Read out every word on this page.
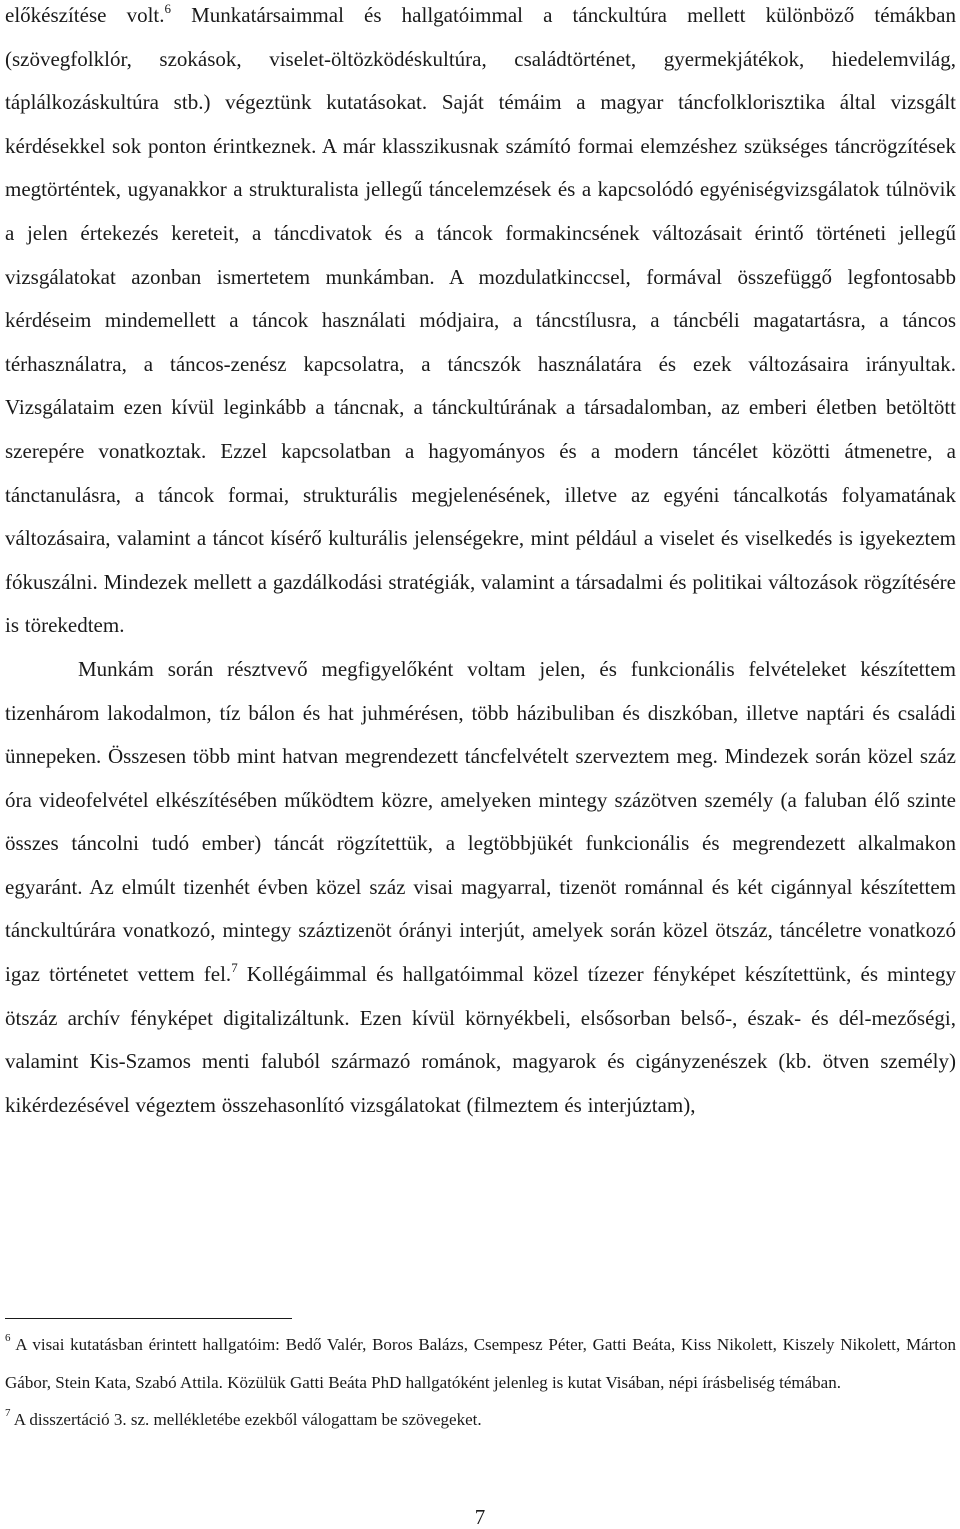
előkészítése volt.$^6$ Munkatársaimmal és hallgatóimmal a tánckultúra mellett különböző témákban (szövegfolklór, szokások, viselet-öltözködéskultúra, családtörténet, gyermekjátékok, hiedelemvilág, táplálkozáskultúra stb.) végeztünk kutatásokat. Saját témáim a magyar táncfolklorisztika által vizsgált kérdésekkel sok ponton érintkeznek. A már klasszikusnak számító formai elemzéshez szükséges táncrögzítések megtörténtek, ugyanakkor a strukturalista jellegű táncelemzések és a kapcsolódó egyéniségvizsgálatok túlnövik a jelen értekezés kereteit, a táncdivatok és a táncok formakincsének változásait érintő történeti jellegű vizsgálatokat azonban ismertetem munkámban. A mozdulatkinccsel, formával összefüggő legfontosabb kérdéseim mindemellett a táncok használati módjaira, a táncstílusra, a táncbéli magatartásra, a táncos térhasználatra, a táncos-zenész kapcsolatra, a táncszók használatára és ezek változásaira irányultak. Vizsgálataim ezen kívül leginkább a táncnak, a tánckultúrának a társadalomban, az emberi életben betöltött szerepére vonatkoztak. Ezzel kapcsolatban a hagyományos és a modern táncélet közötti átmenetre, a tánctanulásra, a táncok formai, strukturális megjelenésének, illetve az egyéni táncalkotás folyamatának változásaira, valamint a táncot kísérő kulturális jelenségekre, mint például a viselet és viselkedés is igyekeztem fókuszálni. Mindezek mellett a gazdálkodási stratégiák, valamint a társadalmi és politikai változások rögzítésére is törekedtem.

Munkám során résztvevő megfigyelőként voltam jelen, és funkcionális felvételeket készítettem tizenhárom lakodalmon, tíz bálon és hat juhmérésen, több házibuliban és diszkóban, illetve naptári és családi ünnepeken. Összesen több mint hatvan megrendezett táncfelvételt szerveztem meg. Mindezek során közel száz óra videofelvétel elkészítésében működtem közre, amelyeken mintegy százötven személy (a faluban élő szinte összes táncolni tudó ember) táncát rögzítettük, a legtöbbjükét funkcionális és megrendezett alkalmakon egyaránt. Az elmúlt tizenhét évben közel száz visai magyarral, tizenöt románnal és két cigánnyal készítettem tánckultúrára vonatkozó, mintegy száztizenöt órányi interjút, amelyek során közel ötszáz, táncéletre vonatkozó igaz történetet vettem fel.$^7$ Kollégáimmal és hallgatóimmal közel tízezer fényképet készítettünk, és mintegy ötszáz archív fényképet digitalizáltunk. Ezen kívül környékbeli, elsősorban belső-, észak- és dél-mezőségi, valamint Kis-Szamos menti faluból származó románok, magyarok és cigányzenészek (kb. ötven személy) kikérdezésével végeztem összehasonlító vizsgálatokat (filmeztem és interjúztam),

$^6$ A visai kutatásban érintett hallgatóim: Bedő Valér, Boros Balázs, Csempesz Péter, Gatti Beáta, Kiss Nikolett, Kiszely Nikolett, Márton Gábor, Stein Kata, Szabó Attila. Közülük Gatti Beáta PhD hallgatóként jelenleg is kutat Visában, népi írásbeliség témában.

$^7$ A disszertáció 3. sz. mellékletébe ezekből válogattam be szövegeket.

7
